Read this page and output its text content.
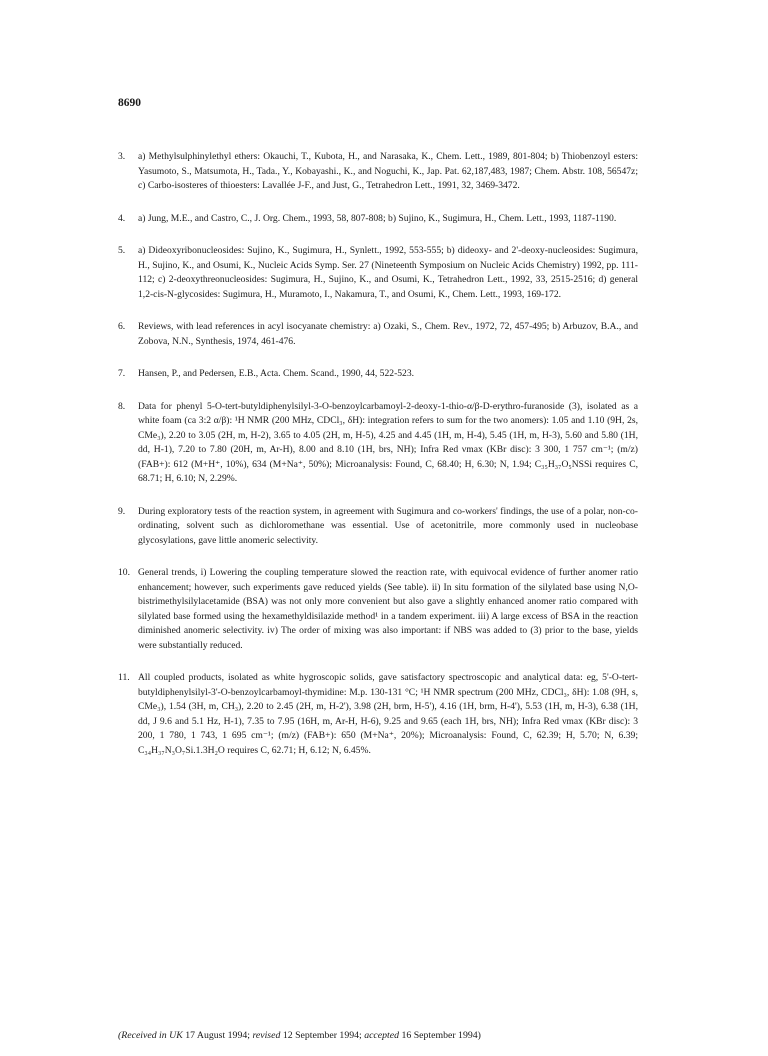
8690
3. a) Methylsulphinylethyl ethers: Okauchi, T., Kubota, H., and Narasaka, K., Chem. Lett., 1989, 801-804; b) Thiobenzoyl esters: Yasumoto, S., Matsumota, H., Tada., Y., Kobayashi., K., and Noguchi, K., Jap. Pat. 62,187,483, 1987; Chem. Abstr. 108, 56547z; c) Carbo-isosteres of thioesters: Lavallée J-F., and Just, G., Tetrahedron Lett., 1991, 32, 3469-3472.
4. a) Jung, M.E., and Castro, C., J. Org. Chem., 1993, 58, 807-808; b) Sujino, K., Sugimura, H., Chem. Lett., 1993, 1187-1190.
5. a) Dideoxyribonucleosides: Sujino, K., Sugimura, H., Synlett., 1992, 553-555; b) dideoxy- and 2'-deoxy-nucleosides: Sugimura, H., Sujino, K., and Osumi, K., Nucleic Acids Symp. Ser. 27 (Nineteenth Symposium on Nucleic Acids Chemistry) 1992, pp. 111-112; c) 2-deoxythreonucleosides: Sugimura, H., Sujino, K., and Osumi, K., Tetrahedron Lett., 1992, 33, 2515-2516; d) general 1,2-cis-N-glycosides: Sugimura, H., Muramoto, I., Nakamura, T., and Osumi, K., Chem. Lett., 1993, 169-172.
6. Reviews, with lead references in acyl isocyanate chemistry: a) Ozaki, S., Chem. Rev., 1972, 72, 457-495; b) Arbuzov, B.A., and Zobova, N.N., Synthesis, 1974, 461-476.
7. Hansen, P., and Pedersen, E.B., Acta. Chem. Scand., 1990, 44, 522-523.
8. Data for phenyl 5-O-tert-butyldiphenylsilyl-3-O-benzoylcarbamoyl-2-deoxy-1-thio-α/β-D-erythro-furanoside (3), isolated as a white foam (ca 3:2 α/β): ¹H NMR (200 MHz, CDCl₃, δH): integration refers to sum for the two anomers): 1.05 and 1.10 (9H, 2s, CMe₃), 2.20 to 3.05 (2H, m, H-2), 3.65 to 4.05 (2H, m, H-5), 4.25 and 4.45 (1H, m, H-4), 5.45 (1H, m, H-3), 5.60 and 5.80 (1H, dd, H-1), 7.20 to 7.80 (20H, m, Ar-H), 8.00 and 8.10 (1H, brs, NH); Infra Red νmax (KBr disc): 3 300, 1 757 cm⁻¹; (m/z) (FAB+): 612 (M+H⁺, 10%), 634 (M+Na⁺, 50%); Microanalysis: Found, C, 68.40; H, 6.30; N, 1.94; C₃₅H₃₇O₅NSSi requires C, 68.71; H, 6.10; N, 2.29%.
9. During exploratory tests of the reaction system, in agreement with Sugimura and co-workers' findings, the use of a polar, non-co-ordinating, solvent such as dichloromethane was essential. Use of acetonitrile, more commonly used in nucleobase glycosylations, gave little anomeric selectivity.
10. General trends, i) Lowering the coupling temperature slowed the reaction rate, with equivocal evidence of further anomer ratio enhancement; however, such experiments gave reduced yields (See table). ii) In situ formation of the silylated base using N,O-bistrimethylsilylacetamide (BSA) was not only more convenient but also gave a slightly enhanced anomer ratio compared with silylated base formed using the hexamethyldisilazide method¹ in a tandem experiment. iii) A large excess of BSA in the reaction diminished anomeric selectivity. iv) The order of mixing was also important: if NBS was added to (3) prior to the base, yields were substantially reduced.
11. All coupled products, isolated as white hygroscopic solids, gave satisfactory spectroscopic and analytical data: eg, 5'-O-tert-butyldiphenylsilyl-3'-O-benzoylcarbamoyl-thymidine: M.p. 130-131 °C; ¹H NMR spectrum (200 MHz, CDCl₃, δH): 1.08 (9H, s, CMe₃), 1.54 (3H, m, CH₃), 2.20 to 2.45 (2H, m, H-2'), 3.98 (2H, brm, H-5'), 4.16 (1H, brm, H-4'), 5.53 (1H, m, H-3), 6.38 (1H, dd, J 9.6 and 5.1 Hz, H-1), 7.35 to 7.95 (16H, m, Ar-H, H-6), 9.25 and 9.65 (each 1H, brs, NH); Infra Red νmax (KBr disc): 3 200, 1 780, 1 743, 1 695 cm⁻¹; (m/z) (FAB+): 650 (M+Na⁺, 20%); Microanalysis: Found, C, 62.39; H, 5.70; N, 6.39; C₃₄H₃₇N₃O₇Si.1.3H₂O requires C, 62.71; H, 6.12; N, 6.45%.
(Received in UK 17 August 1994; revised 12 September 1994; accepted 16 September 1994)
